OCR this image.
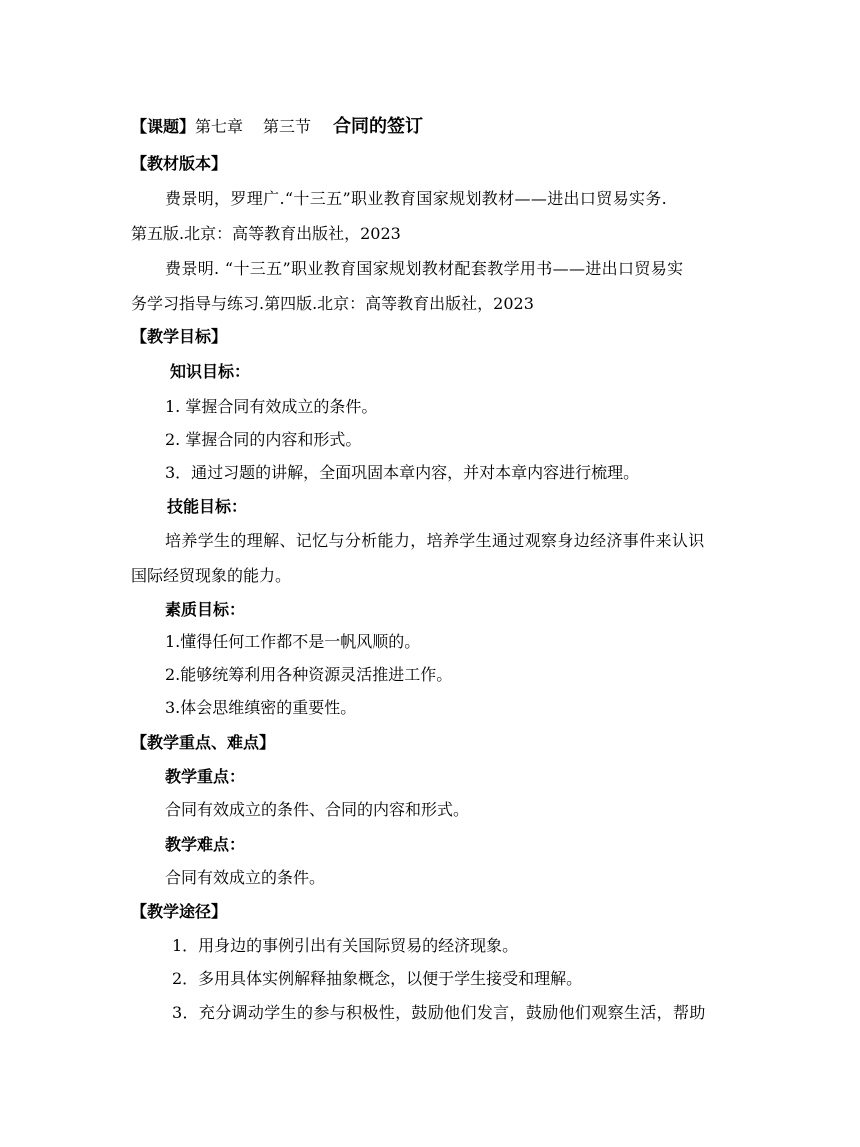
【课题】第七章 第三节 合同的签订
【教材版本】
费景明，罗理广.“十三五”职业教育国家规划教材——进出口贸易实务.
第五版.北京：高等教育出版社，2023
费景明. “十三五”职业教育国家规划教材配套教学用书——进出口贸易实
务学习指导与练习.第四版.北京：高等教育出版社，2023
【教学目标】
知识目标：
1. 掌握合同有效成立的条件。
2. 掌握合同的内容和形式。
3．通过习题的讲解，全面巩固本章内容，并对本章内容进行梳理。
技能目标：
培养学生的理解、记忆与分析能力，培养学生通过观察身边经济事件来认识
国际经贸现象的能力。
素质目标：
1.懂得任何工作都不是一帆风顺的。
2.能够统筹利用各种资源灵活推进工作。
3.体会思维缜密的重要性。
【教学重点、难点】
教学重点：
合同有效成立的条件、合同的内容和形式。
教学难点：
合同有效成立的条件。
【教学途径】
1．用身边的事例引出有关国际贸易的经济现象。
2．多用具体实例解释抽象概念，以便于学生接受和理解。
3．充分调动学生的参与积极性，鼓励他们发言，鼓励他们观察生活，帮助
